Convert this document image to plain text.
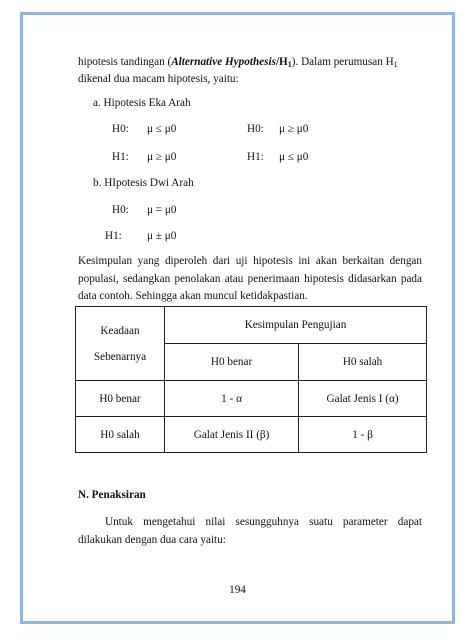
hipotesis tandingan (Alternative Hypothesis/$H_1$). Dalam perumusan $H_1$
dikenal dua macam hipotesis, yaitu:
a. Hipotesis Eka Arah
H0: μ ≤ μ0	H0: μ ≥ μ0
H1: μ ≥ μ0	H1: μ ≤ μ0
b. HIpotesis Dwi Arah
H0: μ = μ0
H1: μ ± μ0
Kesimpulan yang diperoleh dari uji hipotesis ini akan berkaitan dengan
populasi, sedangkan penolakan atau penerimaan hipotesis didasarkan pada
data contoh. Sehingga akan muncul ketidakpastian.
Keadaan
Sebenarnya	Kesimpulan Pengujian	
	H0 benar	H0 salah
H0 benar	1 - α	Galat Jenis I (α)
H0 salah	Galat Jenis II (β)	1 - β
N. Penaksiran
Untuk mengetahui nilai sesungguhnya suatu parameter dapat
dilakukan dengan dua cara yaitu:
194
